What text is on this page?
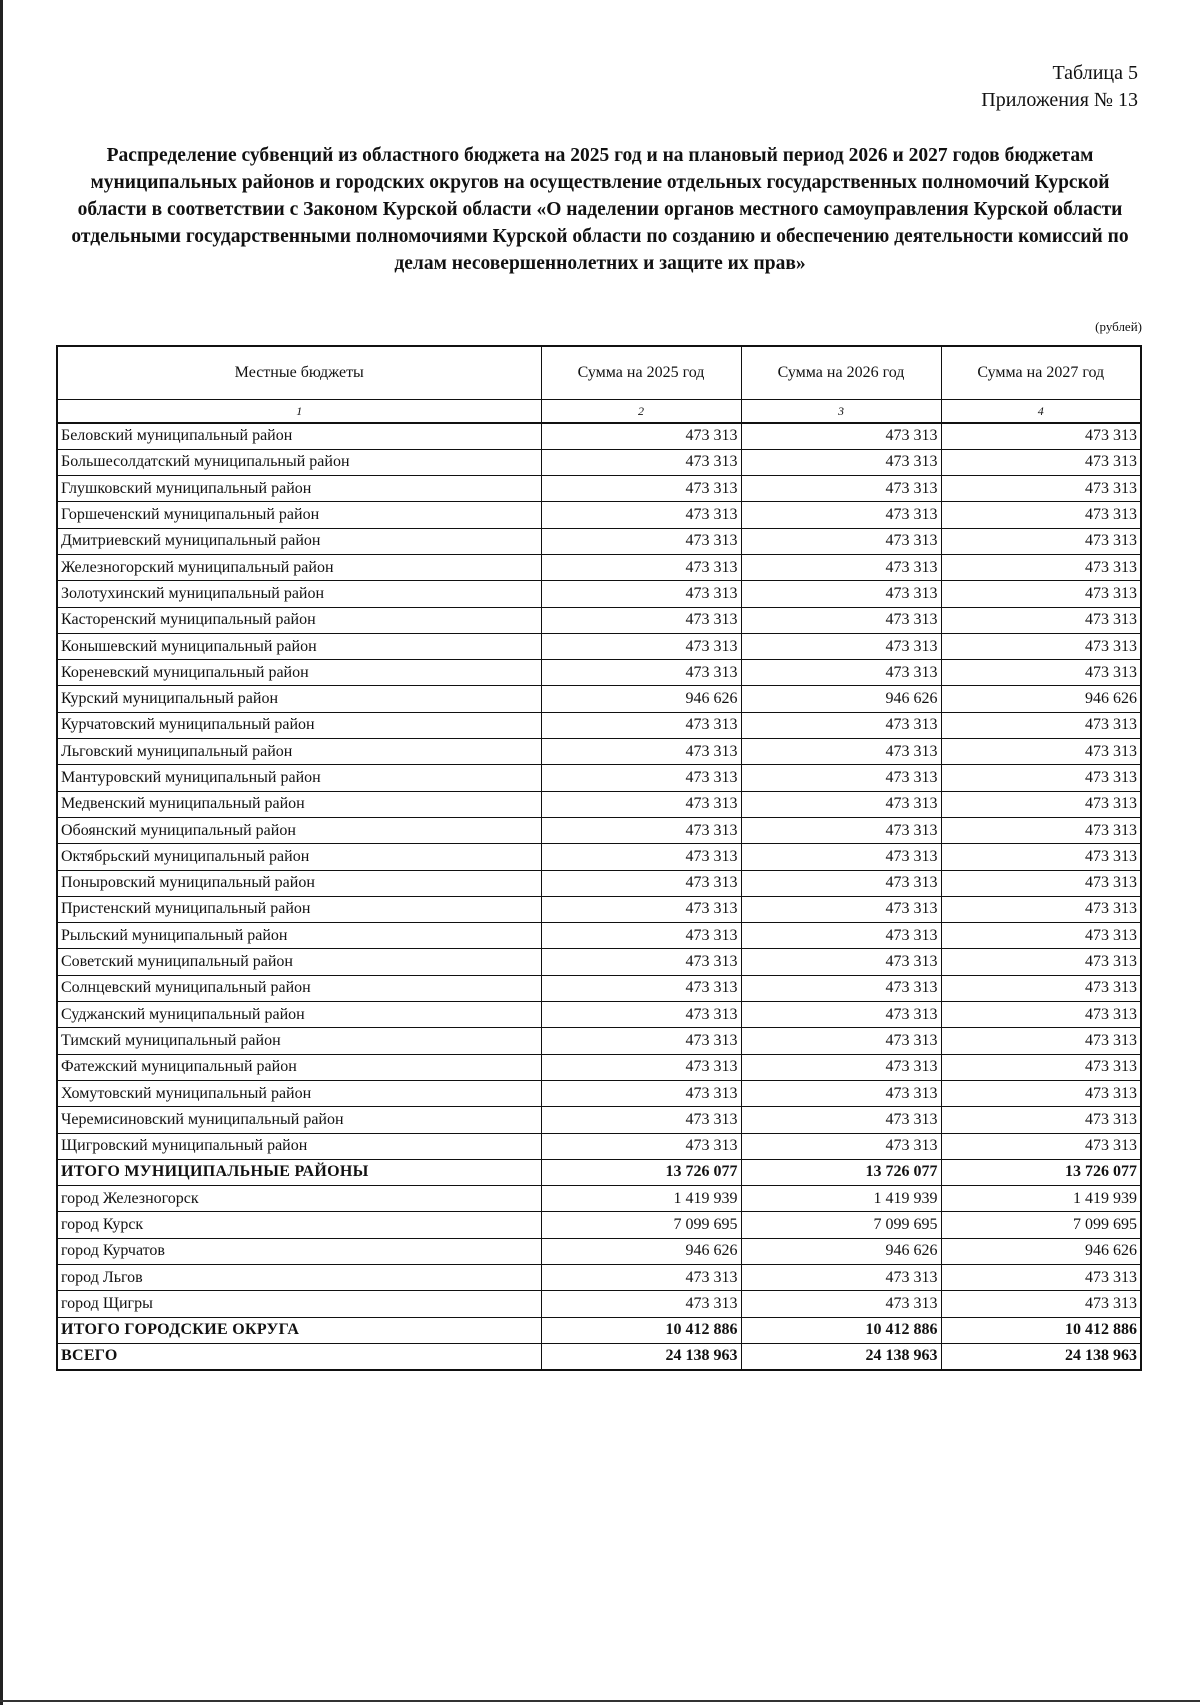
Таблица 5
Приложения № 13
Распределение субвенций из областного бюджета на 2025 год и на плановый период 2026 и 2027 годов бюджетам муниципальных районов и городских округов на осуществление отдельных государственных полномочий Курской области в соответствии с Законом Курской области «О наделении органов местного самоуправления Курской области отдельными государственными полномочиями Курской области по созданию и обеспечению деятельности комиссий по делам несовершеннолетних и защите их прав»
(рублей)
Местные бюджеты	Сумма на 2025 год	Сумма на 2026 год	Сумма на 2027 год
1	2	3	4
Беловский муниципальный район	473 313	473 313	473 313
Большесолдатский муниципальный район	473 313	473 313	473 313
Глушковский муниципальный район	473 313	473 313	473 313
Горшеченский муниципальный район	473 313	473 313	473 313
Дмитриевский муниципальный район	473 313	473 313	473 313
Железногорский муниципальный район	473 313	473 313	473 313
Золотухинский муниципальный район	473 313	473 313	473 313
Касторенский муниципальный район	473 313	473 313	473 313
Конышевский муниципальный район	473 313	473 313	473 313
Кореневский муниципальный район	473 313	473 313	473 313
Курский муниципальный район	946 626	946 626	946 626
Курчатовский муниципальный район	473 313	473 313	473 313
Льговский муниципальный район	473 313	473 313	473 313
Мантуровский муниципальный район	473 313	473 313	473 313
Медвенский муниципальный район	473 313	473 313	473 313
Обоянский муниципальный район	473 313	473 313	473 313
Октябрьский муниципальный район	473 313	473 313	473 313
Поныровский муниципальный район	473 313	473 313	473 313
Пристенский муниципальный район	473 313	473 313	473 313
Рыльский муниципальный район	473 313	473 313	473 313
Советский муниципальный район	473 313	473 313	473 313
Солнцевский муниципальный район	473 313	473 313	473 313
Суджанский муниципальный район	473 313	473 313	473 313
Тимский муниципальный район	473 313	473 313	473 313
Фатежский муниципальный район	473 313	473 313	473 313
Хомутовский муниципальный район	473 313	473 313	473 313
Черемисиновский муниципальный район	473 313	473 313	473 313
Щигровский муниципальный район	473 313	473 313	473 313
ИТОГО МУНИЦИПАЛЬНЫЕ РАЙОНЫ	13 726 077	13 726 077	13 726 077
город Железногорск	1 419 939	1 419 939	1 419 939
город Курск	7 099 695	7 099 695	7 099 695
город Курчатов	946 626	946 626	946 626
город Льгов	473 313	473 313	473 313
город Щигры	473 313	473 313	473 313
ИТОГО ГОРОДСКИЕ ОКРУГА	10 412 886	10 412 886	10 412 886
ВСЕГО	24 138 963	24 138 963	24 138 963
